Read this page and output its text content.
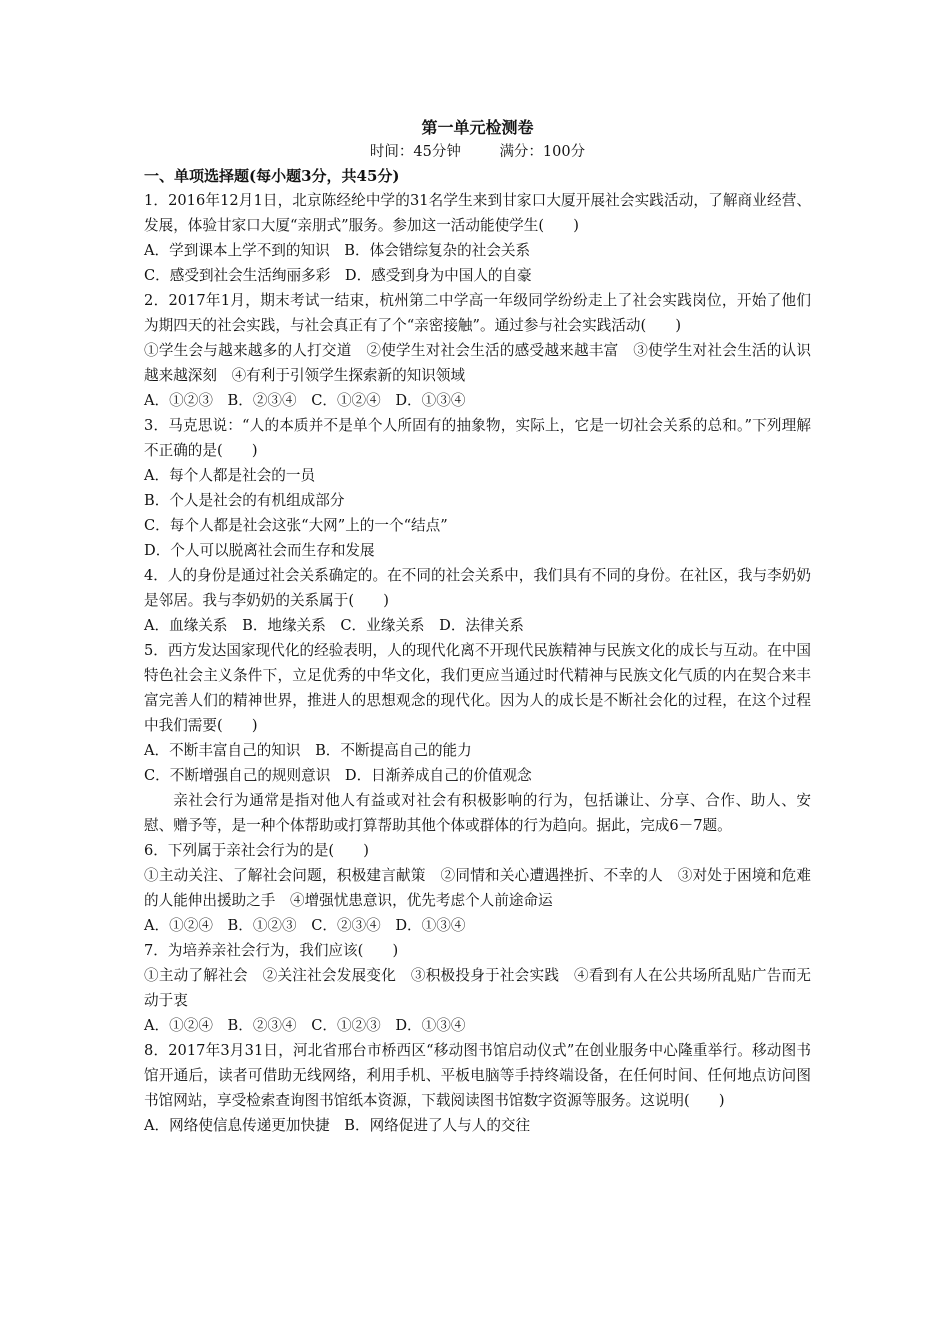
第一单元检测卷
时间：45分钟	满分：100分
一、单项选择题(每小题3分，共45分)
1．2016年12月1日，北京陈经纶中学的31名学生来到甘家口大厦开展社会实践活动，了解商业经营、发展，体验甘家口大厦“亲朋式”服务。参加这一活动能使学生(　　)
A．学到课本上学不到的知识　B．体会错综复杂的社会关系
C．感受到社会生活绚丽多彩　D．感受到身为中国人的自豪
2．2017年1月，期末考试一结束，杭州第二中学高一年级同学纷纷走上了社会实践岗位，开始了他们为期四天的社会实践，与社会真正有了个“亲密接触”。通过参与社会实践活动(　　)
①学生会与越来越多的人打交道　②使学生对社会生活的感受越来越丰富　③使学生对社会生活的认识越来越深刻　④有利于引领学生探索新的知识领域
A．①②③　B．②③④　C．①②④　D．①③④
3．马克思说：“人的本质并不是单个人所固有的抽象物，实际上，它是一切社会关系的总和。”下列理解不正确的是(　　)
A．每个人都是社会的一员
B．个人是社会的有机组成部分
C．每个人都是社会这张“大网”上的一个“结点”
D．个人可以脱离社会而生存和发展
4．人的身份是通过社会关系确定的。在不同的社会关系中，我们具有不同的身份。在社区，我与李奶奶是邻居。我与李奶奶的关系属于(　　)
A．血缘关系　B．地缘关系　C．业缘关系　D．法律关系
5．西方发达国家现代化的经验表明，人的现代化离不开现代民族精神与民族文化的成长与互动。在中国特色社会主义条件下，立足优秀的中华文化，我们更应当通过时代精神与民族文化气质的内在契合来丰富完善人们的精神世界，推进人的思想观念的现代化。因为人的成长是不断社会化的过程，在这个过程中我们需要(　　)
A．不断丰富自己的知识　B．不断提高自己的能力
C．不断增强自己的规则意识　D．日渐养成自己的价值观念
亲社会行为通常是指对他人有益或对社会有积极影响的行为，包括谦让、分享、合作、助人、安慰、赠予等，是一种个体帮助或打算帮助其他个体或群体的行为趋向。据此，完成6－7题。
6．下列属于亲社会行为的是(　　)
①主动关注、了解社会问题，积极建言献策　②同情和关心遭遇挫折、不幸的人　③对处于困境和危难的人能伸出援助之手　④增强忧患意识，优先考虑个人前途命运
A．①②④　B．①②③　C．②③④　D．①③④
7．为培养亲社会行为，我们应该(　　)
①主动了解社会　②关注社会发展变化　③积极投身于社会实践　④看到有人在公共场所乱贴广告而无动于衷
A．①②④　B．②③④　C．①②③　D．①③④
8．2017年3月31日，河北省邢台市桥西区“移动图书馆启动仪式”在创业服务中心隆重举行。移动图书馆开通后，读者可借助无线网络，利用手机、平板电脑等手持终端设备，在任何时间、任何地点访问图书馆网站，享受检索查询图书馆纸本资源，下载阅读图书馆数字资源等服务。这说明(　　)
A．网络使信息传递更加快捷　B．网络促进了人与人的交往
